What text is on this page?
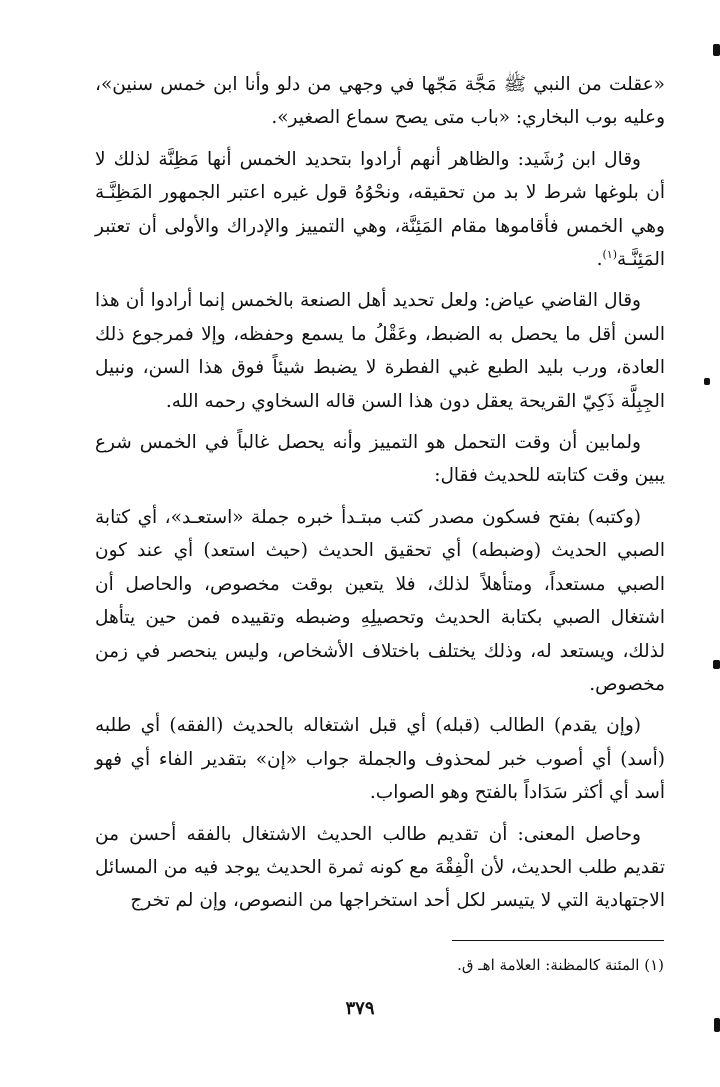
«عقلت من النبي ﷺ مَجَّة مَجّها في وجهي من دلو وأنا ابن خمس سنين»، وعليه بوب البخاري: «باب متى يصح سماع الصغير».

وقال ابن رُشَيد: والظاهر أنهم أرادوا بتحديد الخمس أنها مَظِنَّة لذلك لا أن بلوغها شرط لا بد من تحقيقه، ونحْوُهُ قول غيره اعتبر الجمهور المَظِنَّـة وهي الخمس فأقاموها مقام المَئِنَّة، وهي التمييز والإدراك والأولى أن تعتبر المَئِنَّـة$^{(١)}$.

وقال القاضي عياض: ولعل تحديد أهل الصنعة بالخمس إنما أرادوا أن هذا السن أقل ما يحصل به الضبط، وعَقْلُ ما يسمع وحفظه، وإلا فمرجوع ذلك العادة، ورب بليد الطبع غبي الفطرة لا يضبط شيئاً فوق هذا السن، ونبيل الجِبِلَّة ذَكِيّ القريحة يعقل دون هذا السن قاله السخاوي رحمه الله.

ولمابين أن وقت التحمل هو التمييز وأنه يحصل غالباً في الخمس شرع يبين وقت كتابته للحديث فقال:

(وكتبه) بفتح فسكون مصدر كتب مبتـدأ خبره جملة «استعـد»، أي كتابة الصبي الحديث (وضبطه) أي تحقيق الحديث (حيث استعد) أي عند كون الصبي مستعداً، ومتأهلاً لذلك، فلا يتعين بوقت مخصوص، والحاصل أن اشتغال الصبي بكتابة الحديث وتحصيلِهِ وضبطه وتقييده فمن حين يتأهل لذلك، ويستعد له، وذلك يختلف باختلاف الأشخاص، وليس ينحصر في زمن مخصوص.

(وإن يقدم) الطالب (قبله) أي قبل اشتغاله بالحديث (الفقه) أي طلبه (أسد) أي أصوب خبر لمحذوف والجملة جواب «إن» بتقدير الفاء أي فهو أسد أي أكثر سَدَاداً بالفتح وهو الصواب.

وحاصل المعنى: أن تقديم طالب الحديث الاشتغال بالفقه أحسن من تقديم طلب الحديث، لأن الْفِقْهَ مع كونه ثمرة الحديث يوجد فيه من المسائل الاجتهادية التي لا يتيسر لكل أحد استخراجها من النصوص، وإن لم تخرج

(١) المئنة كالمظنة: العلامة اهـ ق.
٣٧٩
